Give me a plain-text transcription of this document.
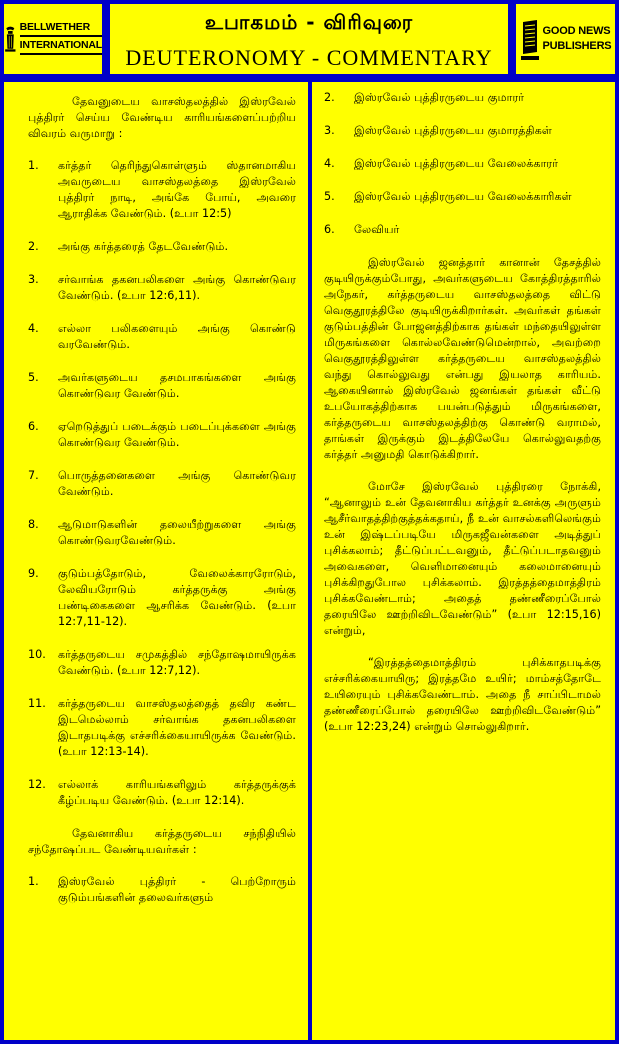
BELLWETHER
INTERNATIONAL
உபாகமம் - விரிவுரை
DEUTERONOMY - COMMENTARY
GOOD NEWS
PUBLISHERS

தேவனுடைய வாசஸ்தலத்தில் இஸ்ரவேல் புத்திரர் செய்ய வேண்டிய காரியங்களைப்பற்றிய விவரம் வருமாறு :

1. கர்த்தர் தெரிந்துகொள்ளும் ஸ்தானமாகிய அவருடைய வாசஸ்தலத்தை இஸ்ரவேல் புத்திரர் நாடி, அங்கே போய், அவரை ஆராதிக்க வேண்டும். (உபா 12:5)
2. அங்கு கர்த்தரைத் தேடவேண்டும்.
3. சர்வாங்க தகனபலிகளை அங்கு கொண்டுவர வேண்டும். (உபா 12:6,11).
4. எல்லா பலிகளையும் அங்கு கொண்டு வரவேண்டும்.
5. அவர்களுடைய தசமபாகங்களை அங்கு கொண்டுவர வேண்டும்.
6. ஏறெடுத்துப் படைக்கும் படைப்புக்களை அங்கு கொண்டுவர வேண்டும்.
7. பொருத்தனைகளை அங்கு கொண்டுவர வேண்டும்.
8. ஆடுமாடுகளின் தலையீற்றுகளை அங்கு கொண்டுவரவேண்டும்.
9. குடும்பத்தோடும், வேலைக்காரரோடும், லேவியரோடும் கர்த்தருக்கு அங்கு பண்டிகைகளை ஆசரிக்க வேண்டும். (உபா 12:7,11-12).
10. கர்த்தருடைய சமுகத்தில் சந்தோஷமாயிருக்க வேண்டும். (உபா 12:7,12).
11. கர்த்தருடைய வாசஸ்தலத்தைத் தவிர கண்ட இடமெல்லாம் சர்வாங்க தகனபலிகளை இடாதபடிக்கு எச்சரிக்கையாயிருக்க வேண்டும். (உபா 12:13-14).
12. எல்லாக் காரியங்களிலும் கர்த்தருக்குக் கீழ்ப்படிய வேண்டும். (உபா 12:14).

தேவனாகிய கர்த்தருடைய சந்நிதியில் சந்தோஷப்பட வேண்டியவர்கள் :

1. இஸ்ரவேல் புத்திரர் - பெற்றோரும் குடும்பங்களின் தலைவர்களும்
2. இஸ்ரவேல் புத்திரருடைய குமாரர்
3. இஸ்ரவேல் புத்திரருடைய குமாரத்திகள்
4. இஸ்ரவேல் புத்திரருடைய வேலைக்காரர்
5. இஸ்ரவேல் புத்திரருடைய வேலைக்காரிகள்
6. லேவியர்

இஸ்ரவேல் ஜனத்தார் கானான் தேசத்தில் குடியிருக்கும்போது, அவர்களுடைய கோத்திரத்தாரில் அநேகர், கர்த்தருடைய வாசஸ்தலத்தை விட்டு வெகுதூரத்திலே குடியிருக்கிறார்கள். அவர்கள் தங்கள் குடும்பத்தின் போஜனத்திற்காக தங்கள் மந்தையிலுள்ள மிருகங்களை கொல்லவேண்டுமென்றால், அவற்றை வெகுதூரத்திலுள்ள கர்த்தருடைய வாசஸ்தலத்தில் வந்து கொல்லுவது என்பது இயலாத காரியம். ஆகையினால் இஸ்ரவேல் ஜனங்கள் தங்கள் வீட்டு உபயோகத்திற்காக பயன்படுத்தும் மிருகங்களை, கர்த்தருடைய வாசஸ்தலத்திற்கு கொண்டு வராமல், தாங்கள் இருக்கும் இடத்திலேயே கொல்லுவதற்கு கர்த்தர் அனுமதி கொடுக்கிறார்.

மோசே இஸ்ரவேல் புத்திரரை நோக்கி, “ஆனாலும் உன் தேவனாகிய கர்த்தர் உனக்கு அருளும் ஆசீர்வாதத்திற்குத்தக்கதாய், நீ உன் வாசல்களிலெங்கும் உன் இஷ்டப்படியே மிருகஜீவன்களை அடித்துப் புசிக்கலாம்; தீட்டுப்பட்டவனும், தீட்டுப்படாதவனும் அவைகளை, வெளிமானையும் கலைமானையும் புசிக்கிறதுபோல புசிக்கலாம். இரத்தத்தைமாத்திரம் புசிக்கவேண்டாம்; அதைத் தண்ணீரைப்போல் தரையிலே ஊற்றிவிடவேண்டும்” (உபா 12:15,16) என்றும்,

“இரத்தத்தைமாத்திரம் புசிக்காதபடிக்கு எச்சரிக்கையாயிரு; இரத்தமே உயிர்; மாம்சத்தோடே உயிரையும் புசிக்கவேண்டாம். அதை நீ சாப்பிடாமல் தண்ணீரைப்போல் தரையிலே ஊற்றிவிடவேண்டும்” (உபா 12:23,24) என்றும் சொல்லுகிறார்.
